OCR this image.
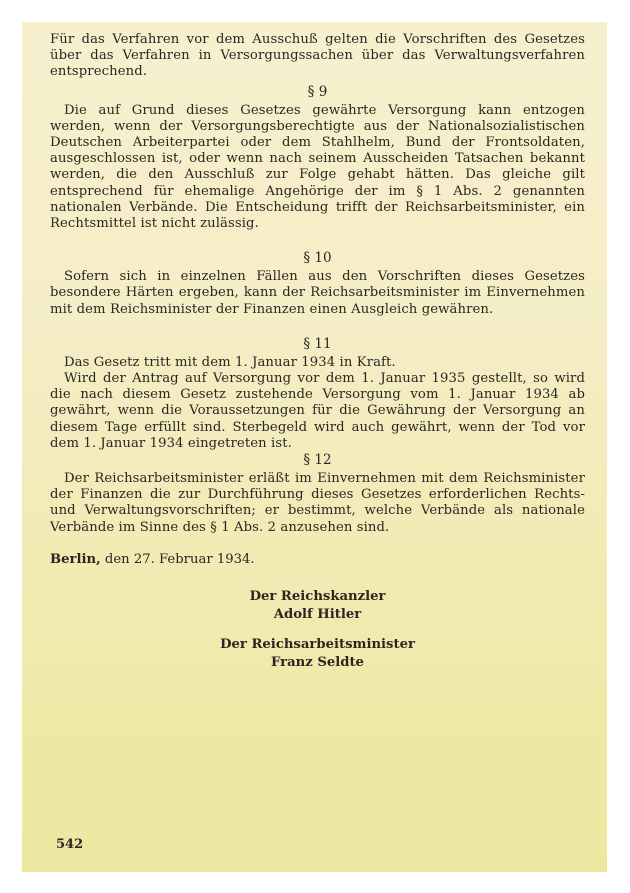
Für das Verfahren vor dem Ausschuß gelten die Vorschriften des Gesetzes über das Verfahren in Versorgungssachen über das Verwaltungsverfahren entsprechend.

§ 9

Die auf Grund dieses Gesetzes gewährte Versorgung kann entzogen werden, wenn der Versorgungsberechtigte aus der Nationalsozialistischen Deutschen Arbeiterpartei oder dem Stahlhelm, Bund der Frontsoldaten, ausgeschlossen ist, oder wenn nach seinem Ausscheiden Tatsachen bekannt werden, die den Ausschluß zur Folge gehabt hätten. Das gleiche gilt entsprechend für ehemalige Angehörige der im § 1 Abs. 2 genannten nationalen Verbände. Die Entscheidung trifft der Reichsarbeitsminister, ein Rechtsmittel ist nicht zulässig.

§ 10

Sofern sich in einzelnen Fällen aus den Vorschriften dieses Gesetzes besondere Härten ergeben, kann der Reichsarbeitsminister im Einvernehmen mit dem Reichsminister der Finanzen einen Ausgleich gewähren.

§ 11

Das Gesetz tritt mit dem 1. Januar 1934 in Kraft.

Wird der Antrag auf Versorgung vor dem 1. Januar 1935 gestellt, so wird die nach diesem Gesetz zustehende Versorgung vom 1. Januar 1934 ab gewährt, wenn die Voraussetzungen für die Gewährung der Versorgung an diesem Tage erfüllt sind. Sterbegeld wird auch gewährt, wenn der Tod vor dem 1. Januar 1934 eingetreten ist.

§ 12

Der Reichsarbeitsminister erläßt im Einvernehmen mit dem Reichsminister der Finanzen die zur Durchführung dieses Gesetzes erforderlichen Rechts- und Verwaltungsvorschriften; er bestimmt, welche Verbände als nationale Verbände im Sinne des § 1 Abs. 2 anzusehen sind.

Berlin, den 27. Februar 1934.
Der Reichskanzler
Adolf Hitler
Der Reichsarbeitsminister
Franz Seldte
542
